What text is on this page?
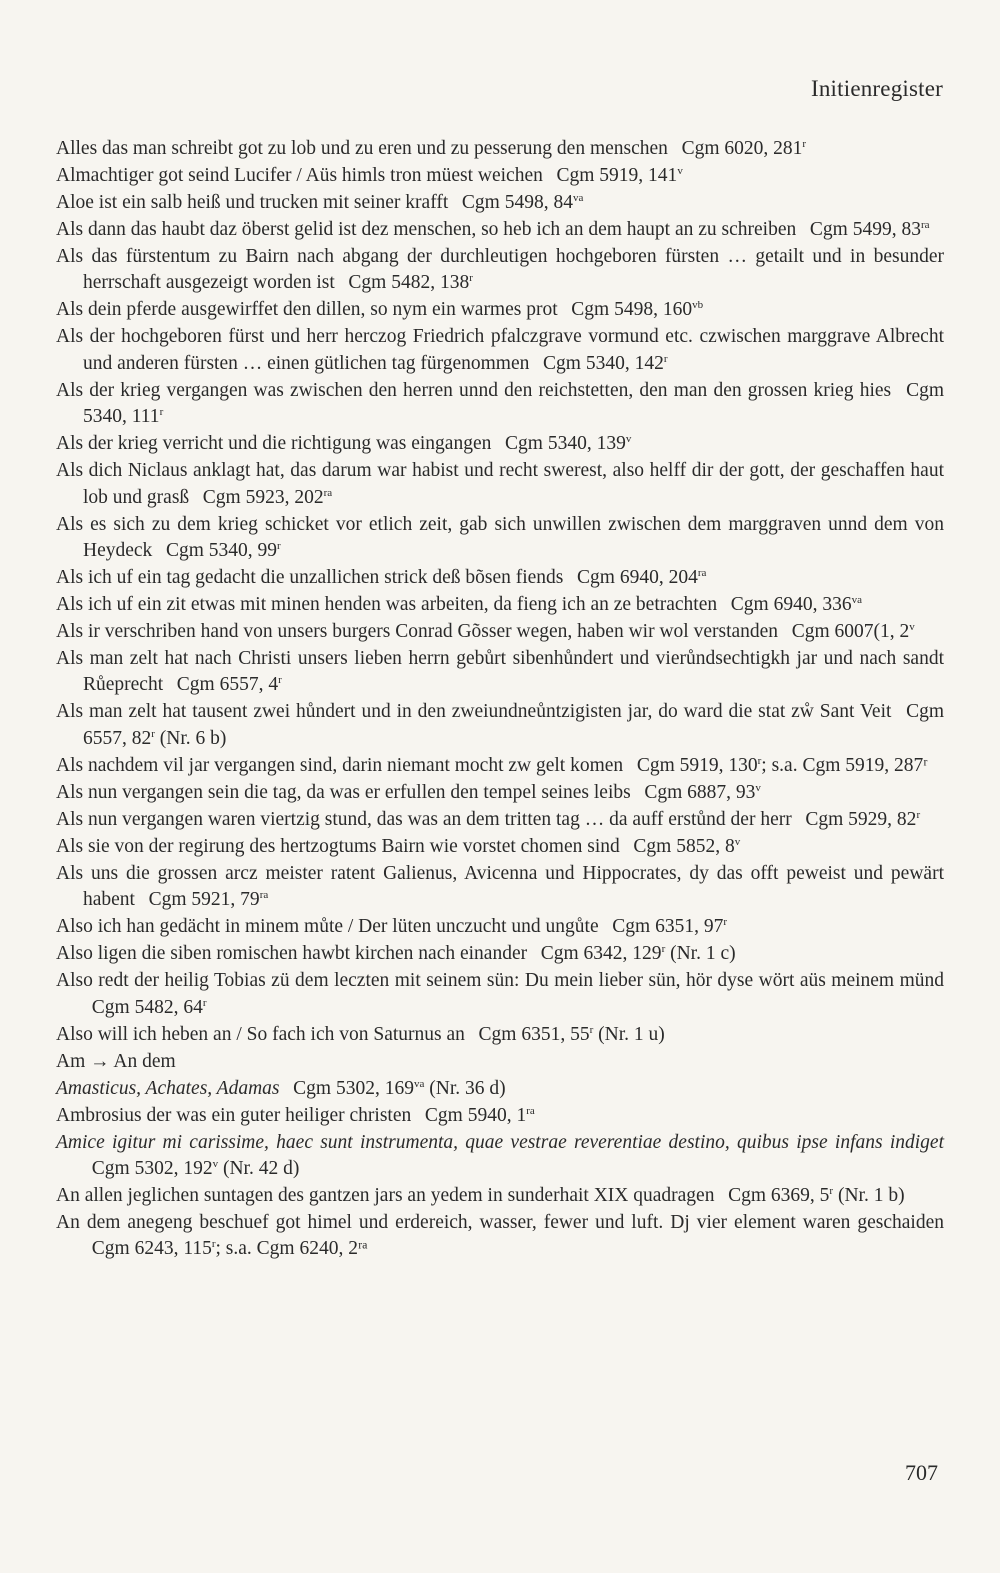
Initienregister

Alles das man schreibt got zu lob und zu eren und zu pesserung den menschen Cgm 6020, 281$^r$

Almachtiger got seind Lucifer / Aüs himls tron müest weichen Cgm 5919, 141$^v$

Aloe ist ein salb heiß und trucken mit seiner krafft Cgm 5498, $84^{va}$

Als dann das haubt daz öberst gelid ist dez menschen, so heb ich an dem haupt an zu schreiben Cgm 5499, $83^{ra}$

Als das fürstentum zu Bairn nach abgang der durchleutigen hochgeboren fürsten … getailt und in besunder herrschaft ausgezeigt worden ist Cgm 5482, 138$^r$

Als dein pferde ausgewirffet den dillen, so nym ein warmes prot Cgm 5498, $160^{vb}$

Als der hochgeboren fürst und herr herczog Friedrich pfalczgrave vormund etc. czwischen marggrave Albrecht und anderen fürsten … einen gütlichen tag fürgenommen Cgm 5340, 142$^r$

Als der krieg vergangen was zwischen den herren unnd den reichstetten, den man den grossen krieg hies Cgm 5340, 111$^r$

Als der krieg verricht und die richtigung was eingangen Cgm 5340, 139$^v$

Als dich Niclaus anklagt hat, das darum war habist und recht swerest, also helff dir der gott, der geschaffen haut lob und grasß Cgm 5923, $202^{ra}$

Als es sich zu dem krieg schicket vor etlich zeit, gab sich unwillen zwischen dem marggraven unnd dem von Heydeck Cgm 5340, 99$^r$

Als ich uf ein tag gedacht die unzallichen strick deß bõsen fiends Cgm 6940, $204^{ra}$

Als ich uf ein zit etwas mit minen henden was arbeiten, da fieng ich an ze betrachten Cgm 6940, $336^{va}$

Als ir verschriben hand von unsers burgers Conrad Gõsser wegen, haben wir wol verstanden Cgm 6007(1, 2$^v$

Als man zelt hat nach Christi unsers lieben herrn gebůrt sibenhůndert und vierůndsechtigkh jar und nach sandt Růeprecht Cgm 6557, 4$^r$

Als man zelt hat tausent zwei hůndert und in den zweiundneůntzigisten jar, do ward die stat zẘ Sant Veit Cgm 6557, 82$^r$ (Nr. 6 b)

Als nachdem vil jar vergangen sind, darin niemant mocht zw gelt komen Cgm 5919, 130$^r$; s.a. Cgm 5919, 287ʳ

Als nun vergangen sein die tag, da was er erfullen den tempel seines leibs Cgm 6887, 93$^v$

Als nun vergangen waren viertzig stund, das was an dem tritten tag … da auff erstůnd der herr Cgm 5929, 82$^r$

Als sie von der regirung des hertzogtums Bairn wie vorstet chomen sind Cgm 5852, 8$^v$

Als uns die grossen arcz meister ratent Galienus, Avicenna und Hippocrates, dy das offt peweist und pewärt habent Cgm 5921, $79^{ra}$

Also ich han gedächt in minem můte / Der lüten unczucht und ungůte Cgm 6351, 97$^r$

Also ligen die siben romischen hawbt kirchen nach einander Cgm 6342, 129$^r$ (Nr. 1 c)

Also redt der heilig Tobias zü dem leczten mit seinem sün: Du mein lieber sün, hör dyse wört aüs meinem münd Cgm 5482, 64$^r$

Also will ich heben an / So fach ich von Saturnus an Cgm 6351, 55$^r$ (Nr. 1 u)

Am → An dem

Amasticus, Achates, Adamas Cgm 5302, $169^{va}$ (Nr. 36 d)

Ambrosius der was ein guter heiliger christen Cgm 5940, $1^{ra}$

Amice igitur mi carissime, haec sunt instrumenta, quae vestrae reverentiae destino, quibus ipse infans indiget Cgm 5302, 192$^v$ (Nr. 42 d)

An allen jeglichen suntagen des gantzen jars an yedem in sunderhait XIX quadragen Cgm 6369, 5$^r$ (Nr. 1 b)

An dem anegeng beschuef got himel und erdereich, wasser, fewer und luft. Dj vier element waren geschaiden Cgm 6243, 115$^r$; s.a. Cgm 6240, 2ʳᵃ

707
